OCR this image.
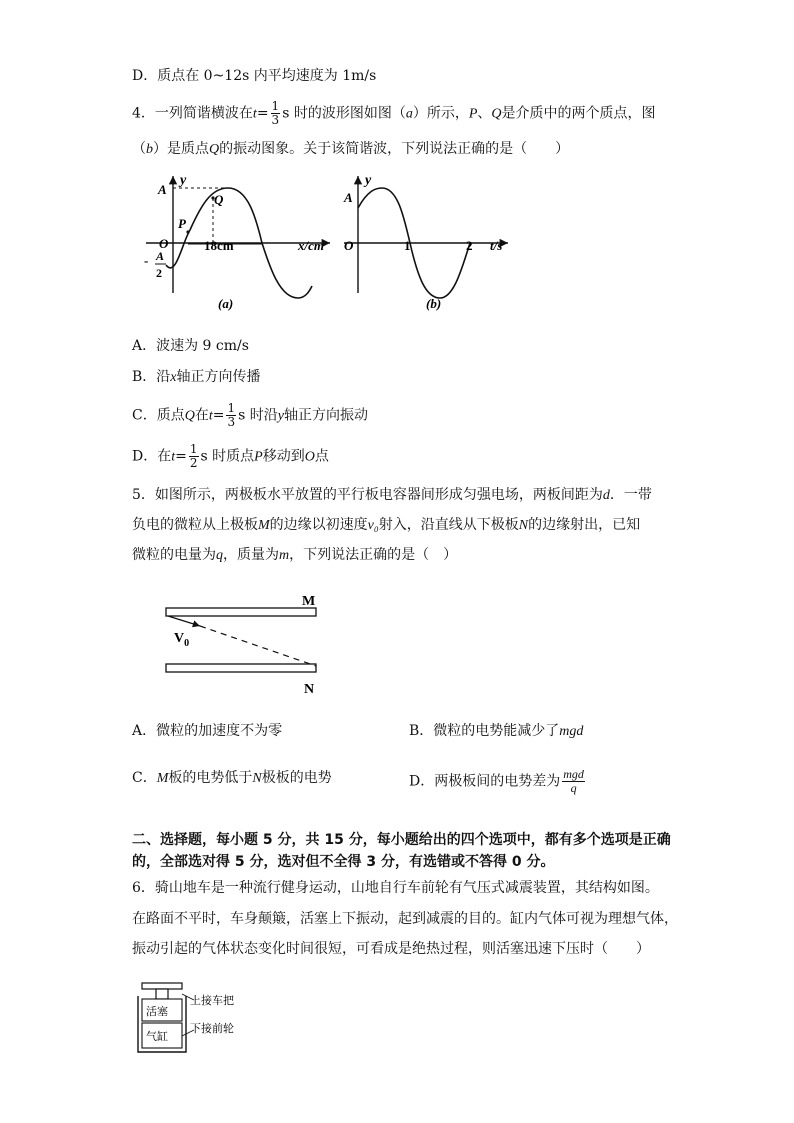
D．质点在 0~12s 内平均速度为 1m/s
4．一列简谐横波在$t= \frac{1}{3}$ s 时的波形图如图（a）所示，P、Q是介质中的两个质点，图
（b）是质点Q的振动图象。关于该简谐波，下列说法正确的是（　　）
y
A
Q
P
O	18cm	x/cm
- A
2
(a)
y
A
O	1	2 t/s
(b)
A．波速为 9 cm/s
B．沿x轴正方向传播
C．质点Q在$t= \frac{1}{3}$ s 时沿y轴正方向振动
D．在$t= \frac{1}{2}$ s 时质点P移动到O点
5．如图所示，两极板水平放置的平行板电容器间形成匀强电场，两板间距为d．一带
负电的微粒从上极板M的边缘以初速度v₀射入，沿直线从下极板N的边缘射出，已知
微粒的电量为q，质量为m，下列说法正确的是（　）
M
N
$V_0$
A．微粒的加速度不为零	B．微粒的电势能减少了mgd
C．M板的电势低于N极板的电势	D．两极板间的电势差为 $\frac{\text{mgd}}{q}$
二、选择题，每小题 5 分，共 15 分，每小题给出的四个选项中，都有多个选项是正确
的，全部选对得 5 分，选对但不全得 3 分，有选错或不答得 0 分。
6．骑山地车是一种流行健身运动，山地自行车前轮有气压式减震装置，其结构如图。
在路面不平时，车身颠簸，活塞上下振动，起到减震的目的。缸内气体可视为理想气体，
振动引起的气体状态变化时间很短，可看成是绝热过程，则活塞迅速下压时（　　）
活塞
气缸
上接车把
下接前轮
